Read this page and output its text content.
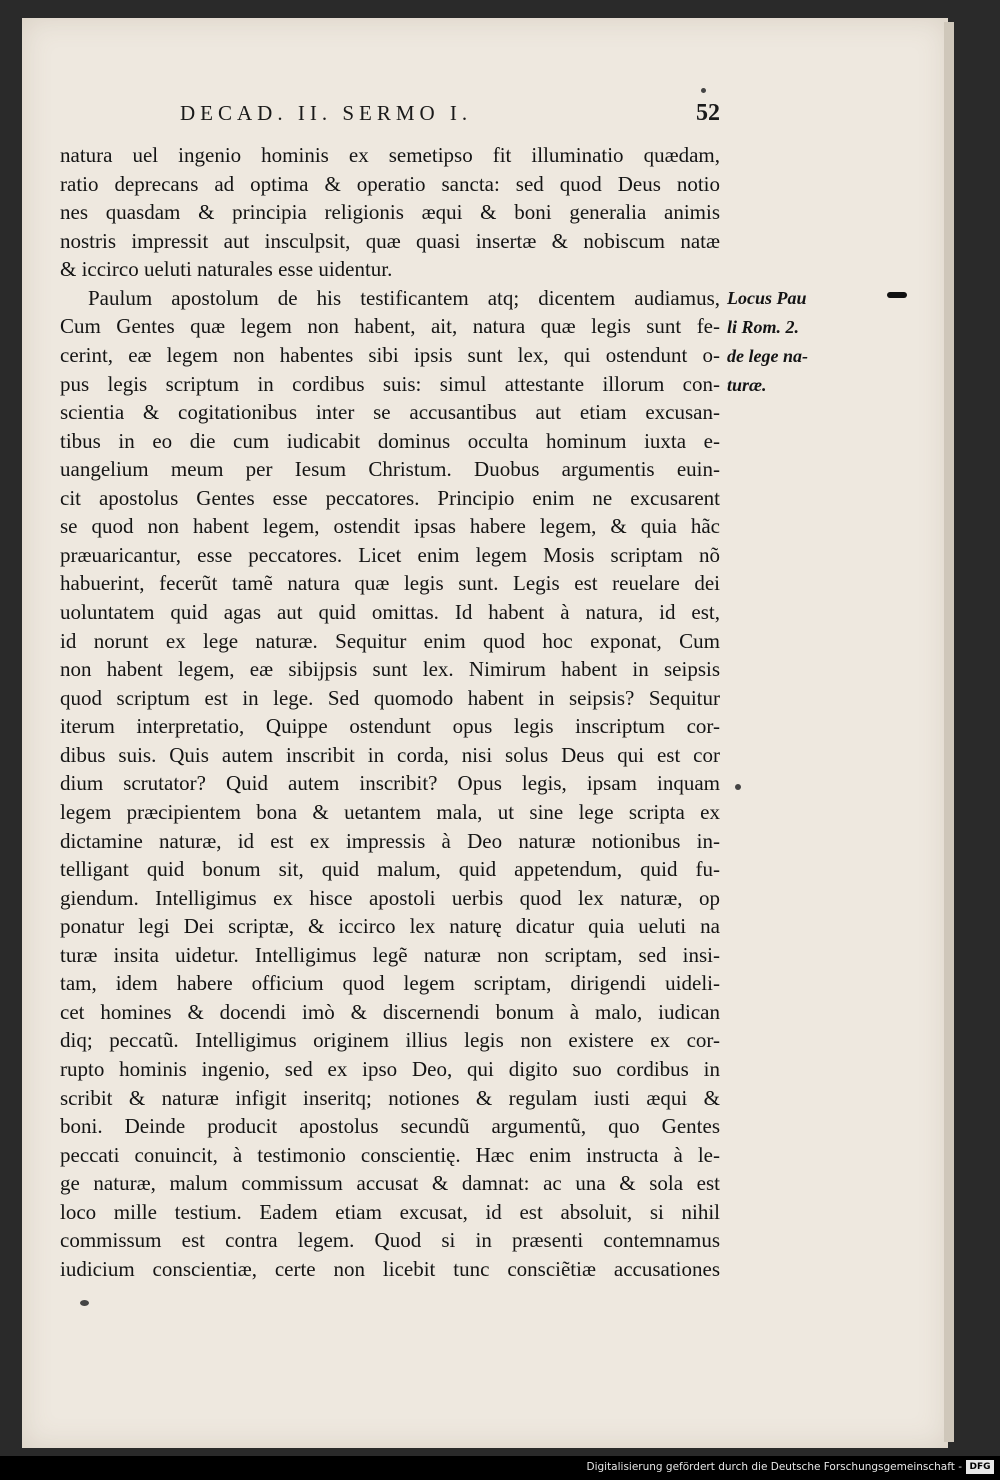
DECAD. II. SERMO I.	52
natura uel ingenio hominis ex semetipso fit illuminatio quædam,
ratio deprecans ad optima & operatio sancta: sed quod Deus notio
nes quasdam & principia religionis æqui & boni generalia animis
nostris impressit aut insculpsit, quæ quasi insertæ & nobiscum natæ
& iccirco ueluti naturales esse uidentur.
Paulum apostolum de his testificantem atq; dicentem audiamus,
Cum Gentes quæ legem non habent, ait, natura quæ legis sunt fe-
cerint, eæ legem non habentes sibi ipsis sunt lex, qui ostendunt o-
pus legis scriptum in cordibus suis: simul attestante illorum con-
scientia & cogitationibus inter se accusantibus aut etiam excusan-
tibus in eo die cum iudicabit dominus occulta hominum iuxta e-
uangelium meum per Iesum Christum. Duobus argumentis euin-
cit apostolus Gentes esse peccatores. Principio enim ne excusarent
se quod non habent legem, ostendit ipsas habere legem, & quia hãc
præuaricantur, esse peccatores. Licet enim legem Mosis scriptam nõ
habuerint, fecerũt tamẽ natura quæ legis sunt. Legis est reuelare dei
uoluntatem quid agas aut quid omittas. Id habent à natura, id est,
id norunt ex lege naturæ. Sequitur enim quod hoc exponat, Cum
non habent legem, eæ sibijpsis sunt lex. Nimirum habent in seipsis
quod scriptum est in lege. Sed quomodo habent in seipsis? Sequitur
iterum interpretatio, Quippe ostendunt opus legis inscriptum cor-
dibus suis. Quis autem inscribit in corda, nisi solus Deus qui est cor
dium scrutator? Quid autem inscribit? Opus legis, ipsam inquam
legem præcipientem bona & uetantem mala, ut sine lege scripta ex
dictamine naturæ, id est ex impressis à Deo naturæ notionibus in-
telligant quid bonum sit, quid malum, quid appetendum, quid fu-
giendum. Intelligimus ex hisce apostoli uerbis quod lex naturæ, op
ponatur legi Dei scriptæ, & iccirco lex naturę dicatur quia ueluti na
turæ insita uidetur. Intelligimus legẽ naturæ non scriptam, sed insi-
tam, idem habere officium quod legem scriptam, dirigendi uideli-
cet homines & docendi imò & discernendi bonum à malo, iudican
diq; peccatũ. Intelligimus originem illius legis non existere ex cor-
rupto hominis ingenio, sed ex ipso Deo, qui digito suo cordibus in
scribit & naturæ infigit inseritq; notiones & regulam iusti æqui &
boni. Deinde producit apostolus secundũ argumentũ, quo Gentes
peccati conuincit, à testimonio conscientię. Hæc enim instructa à le-
ge naturæ, malum commissum accusat & damnat: ac una & sola est
loco mille testium. Eadem etiam excusat, id est absoluit, si nihil
commissum est contra legem. Quod si in præsenti contemnamus
iudicium conscientiæ, certe non licebit tunc consciẽtiæ accusationes
Locus Pau
li Rom. 2.
de lege na-
turæ.
Digitalisierung gefördert durch die Deutsche Forschungsgemeinschaft - DFG
